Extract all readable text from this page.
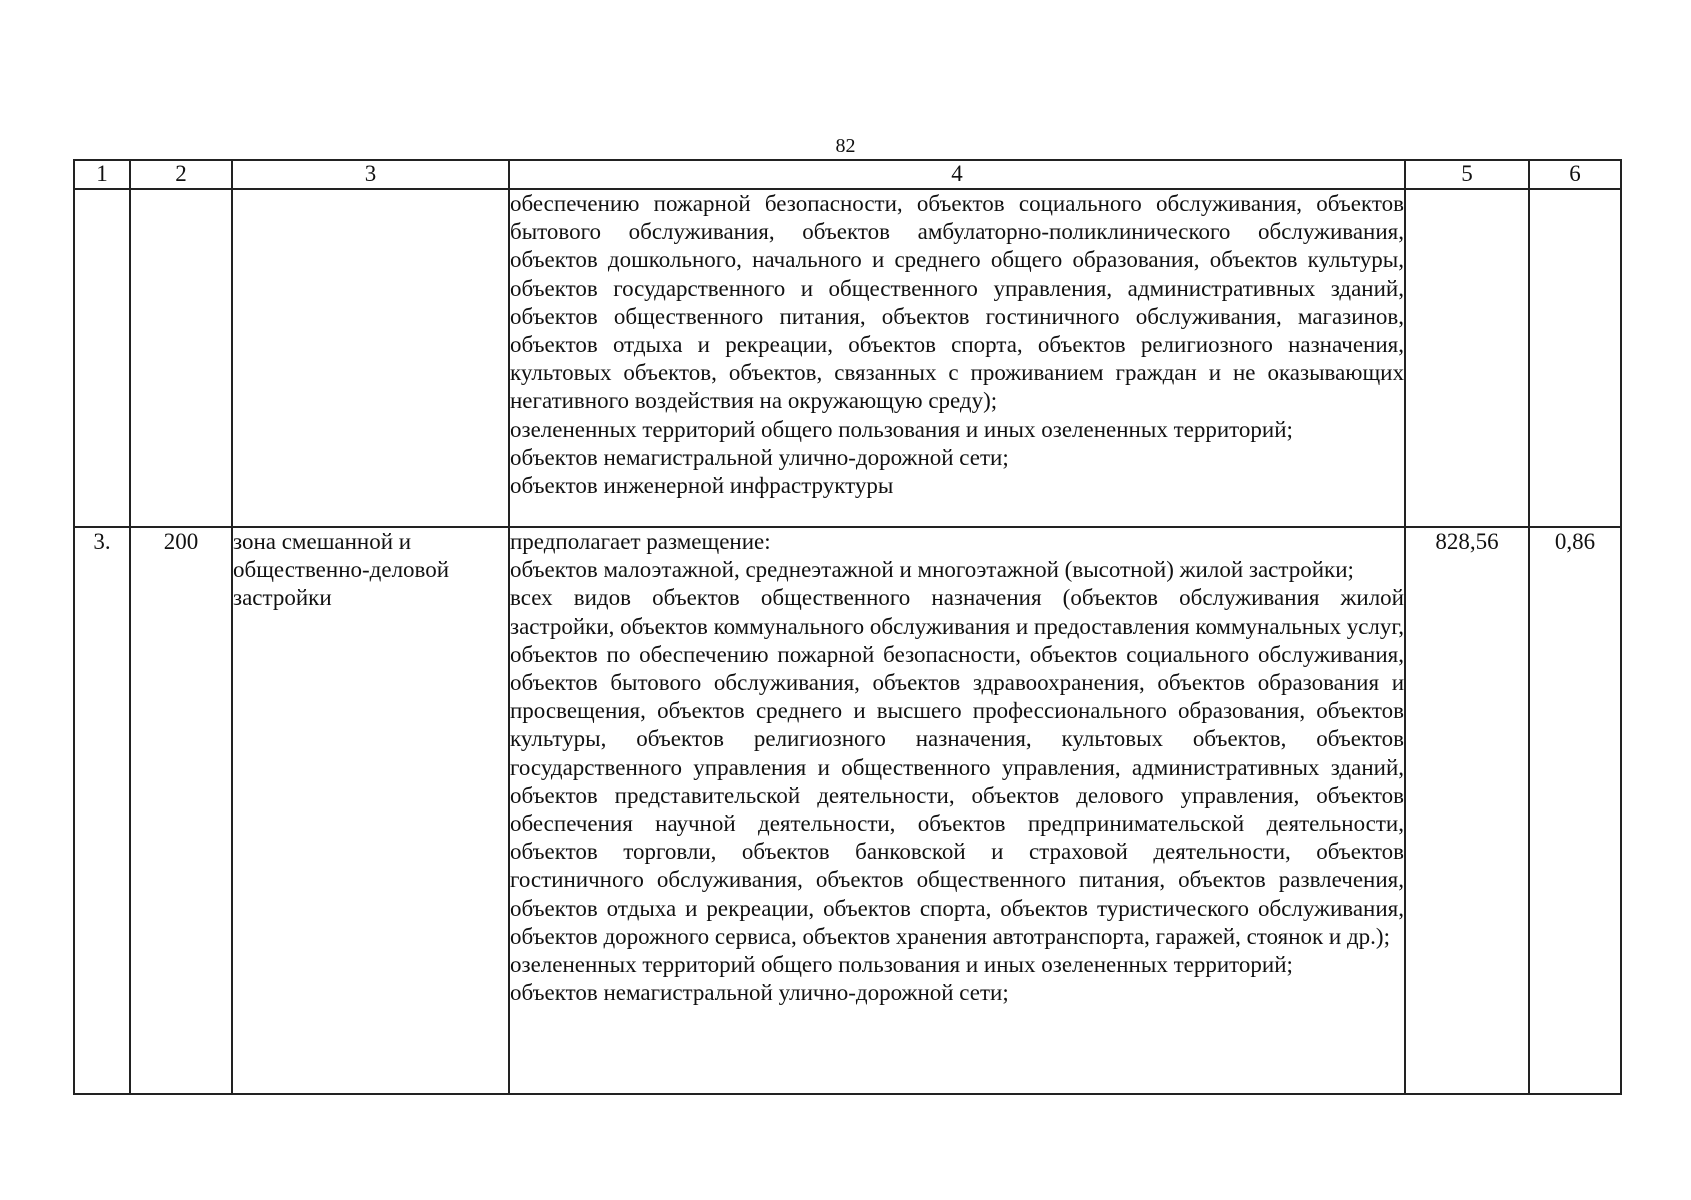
82
1	2	3	4	5	6

			обеспечению пожарной безопасности, объектов социального обслуживания, объектов бытового обслуживания, объектов амбулаторно-поликлинического обслуживания, объектов дошкольного, начального и среднего общего образования, объектов культуры, объектов государственного и общественного управления, административных зданий, объектов общественного питания, объектов гостиничного обслуживания, магазинов, объектов отдыха и рекреации, объектов спорта, объектов религиозного назначения, культовых объектов, объектов, связанных с проживанием граждан и не оказывающих негативного воздействия на окружающую среду);

озелененных территорий общего пользования и иных озелененных территорий;

объектов немагистральной улично-дорожной сети;

объектов инженерной инфраструктуры		

3.	200	зона смешанной и общественно-деловой застройки	предполагает размещение:

объектов малоэтажной, среднеэтажной и многоэтажной (высотной) жилой застройки;

всех видов объектов общественного назначения (объектов обслуживания жилой застройки, объектов коммунального обслуживания и предоставления коммунальных услуг, объектов по обеспечению пожарной безопасности, объектов социального обслуживания, объектов бытового обслуживания, объектов здравоохранения, объектов образования и просвещения, объектов среднего и высшего профессионального образования, объектов культуры, объектов религиозного назначения, культовых объектов, объектов государственного управления и общественного управления, административных зданий, объектов представительской деятельности, объектов делового управления, объектов обеспечения научной деятельности, объектов предпринимательской деятельности, объектов торговли, объектов банковской и страховой деятельности, объектов гостиничного обслуживания, объектов общественного питания, объектов развлечения, объектов отдыха и рекреации, объектов спорта, объектов туристического обслуживания, объектов дорожного сервиса, объектов хранения автотранспорта, гаражей, стоянок и др.);

озелененных территорий общего пользования и иных озелененных территорий;

объектов немагистральной улично-дорожной сети;	828,56	0,86
